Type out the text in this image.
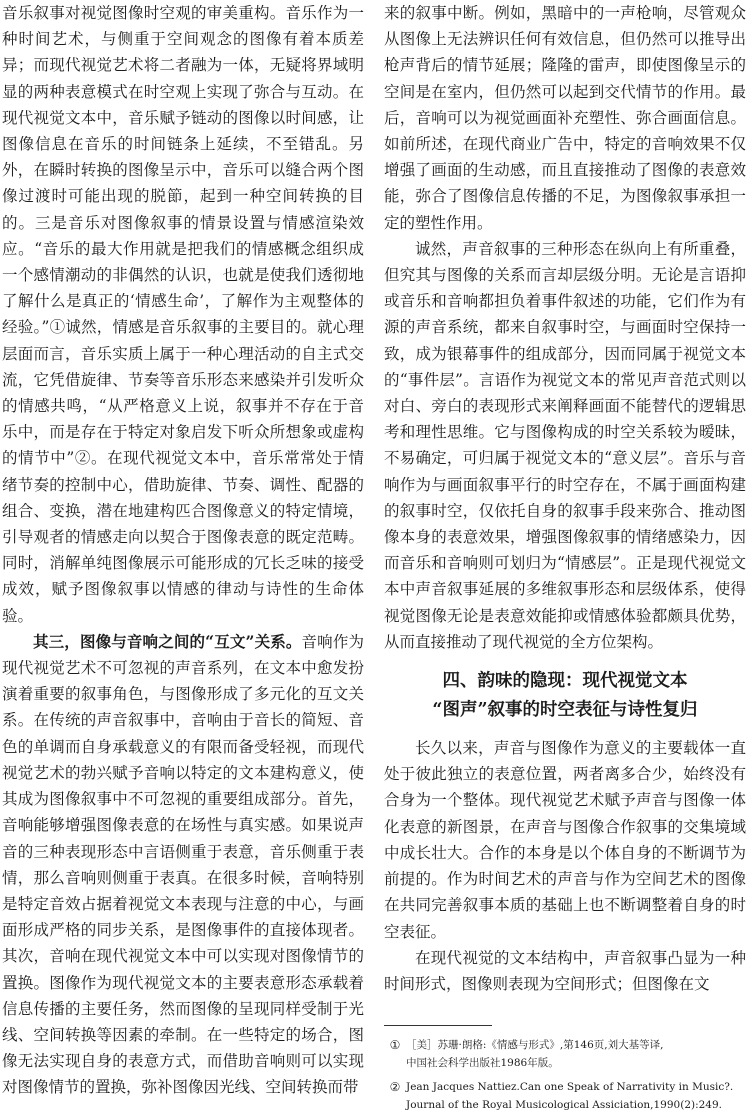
音乐叙事对视觉图像时空观的审美重构。音乐作为一种时间艺术，与侧重于空间观念的图像有着本质差异；而现代视觉艺术将二者融为一体，无疑将界域明显的两种表意模式在时空观上实现了弥合与互动。在现代视觉文本中，音乐赋予链动的图像以时间感，让图像信息在音乐的时间链条上延续，不至错乱。另外，在瞬时转换的图像呈示中，音乐可以缝合两个图像过渡时可能出现的脱節，起到一种空间转换的目的。三是音乐对图像叙事的情景设置与情感渲染效应。“音乐的最大作用就是把我们的情感概念组织成一个感情潮动的非偶然的认识，也就是使我们透彻地了解什么是真正的‘情感生命’，了解作为主观整体的经验。”①诚然，情感是音乐叙事的主要目的。就心理层面而言，音乐实质上属于一种心理活动的自主式交流，它凭借旋律、节奏等音乐形态来感染并引发听众的情感共鸣，“从严格意义上说，叙事并不存在于音乐中，而是存在于特定对象启发下听众所想象或虚构的情节中”②。在现代视觉文本中，音乐常常处于情绪节奏的控制中心，借助旋律、节奏、调性、配器的组合、变换，潜在地建构匹合图像意义的特定情境，引导观者的情感走向以契合于图像表意的既定范畴。同时，消解单纯图像展示可能形成的冗长乏味的接受成效，赋予图像叙事以情感的律动与诗性的生命体验。

其三，图像与音响之间的“互文”关系。音响作为现代视觉艺术不可忽视的声音系列，在文本中愈发扮演着重要的叙事角色，与图像形成了多元化的互文关系。在传统的声音叙事中，音响由于音长的简短、音色的单调而自身承载意义的有限而备受轻视，而现代视觉艺术的勃兴赋予音响以特定的文本建构意义，使其成为图像叙事中不可忽视的重要组成部分。首先，音响能够增强图像表意的在场性与真实感。如果说声音的三种表现形态中言语侧重于表意，音乐侧重于表情，那么音响则侧重于表真。在很多时候，音响特别是特定音效占据着视觉文本表现与注意的中心，与画面形成严格的同步关系，是图像事件的直接体现者。其次，音响在现代视觉文本中可以实现对图像情节的置换。图像作为现代视觉文本的主要表意形态承载着信息传播的主要任务，然而图像的呈现同样受制于光线、空间转换等因素的牵制。在一些特定的场合，图像无法实现自身的表意方式，而借助音响则可以实现对图像情节的置换，弥补图像因光线、空间转换而带

来的叙事中断。例如，黑暗中的一声枪响，尽管观众从图像上无法辨识任何有效信息，但仍然可以推导出枪声背后的情节延展；隆隆的雷声，即使图像呈示的空间是在室内，但仍然可以起到交代情节的作用。最后，音响可以为视觉画面补充塑性、弥合画面信息。如前所述，在现代商业广告中，特定的音响效果不仅增强了画面的生动感，而且直接推动了图像的表意效能，弥合了图像信息传播的不足，为图像叙事承担一定的塑性作用。

诚然，声音叙事的三种形态在纵向上有所重叠，但究其与图像的关系而言却层级分明。无论是言语抑或音乐和音响都担负着事件叙述的功能，它们作为有源的声音系统，都来自叙事时空，与画面时空保持一致，成为银幕事件的组成部分，因而同属于视觉文本的“事件层”。言语作为视觉文本的常见声音范式则以对白、旁白的表现形式来阐释画面不能替代的逻辑思考和理性思维。它与图像构成的时空关系较为暧昧，不易确定，可归属于视觉文本的“意义层”。音乐与音响作为与画面叙事平行的时空存在，不属于画面构建的叙事时空，仅依托自身的叙事手段来弥合、推动图像本身的表意效果，增强图像叙事的情绪感染力，因而音乐和音响则可划归为“情感层”。正是现代视觉文本中声音叙事延展的多维叙事形态和层级体系，使得视觉图像无论是表意效能抑或情感体验都颇具优势，从而直接推动了现代视觉的全方位架构。

四、韵味的隐现：现代视觉文本
“图声”叙事的时空表征与诗性复归

长久以来，声音与图像作为意义的主要载体一直处于彼此独立的表意位置，两者离多合少，始终没有合身为一个整体。现代视觉艺术赋予声音与图像一体化表意的新图景，在声音与图像合作叙事的交集境域中成长壮大。合作的本身是以个体自身的不断调节为前提的。作为时间艺术的声音与作为空间艺术的图像在共同完善叙事本质的基础上也不断调整着自身的时空表征。

在现代视觉的文本结构中，声音叙事凸显为一种时间形式，图像则表现为空间形式；但图像在文

① ［美］苏珊·朗格:《情感与形式》,第146页,刘大基等译,
中国社会科学出版社1986年版。
② Jean Jacques Nattiez.Can one Speak of Narrativity in Music?.
Journal of the Royal Musicological Assiciation,1990(2):249.
